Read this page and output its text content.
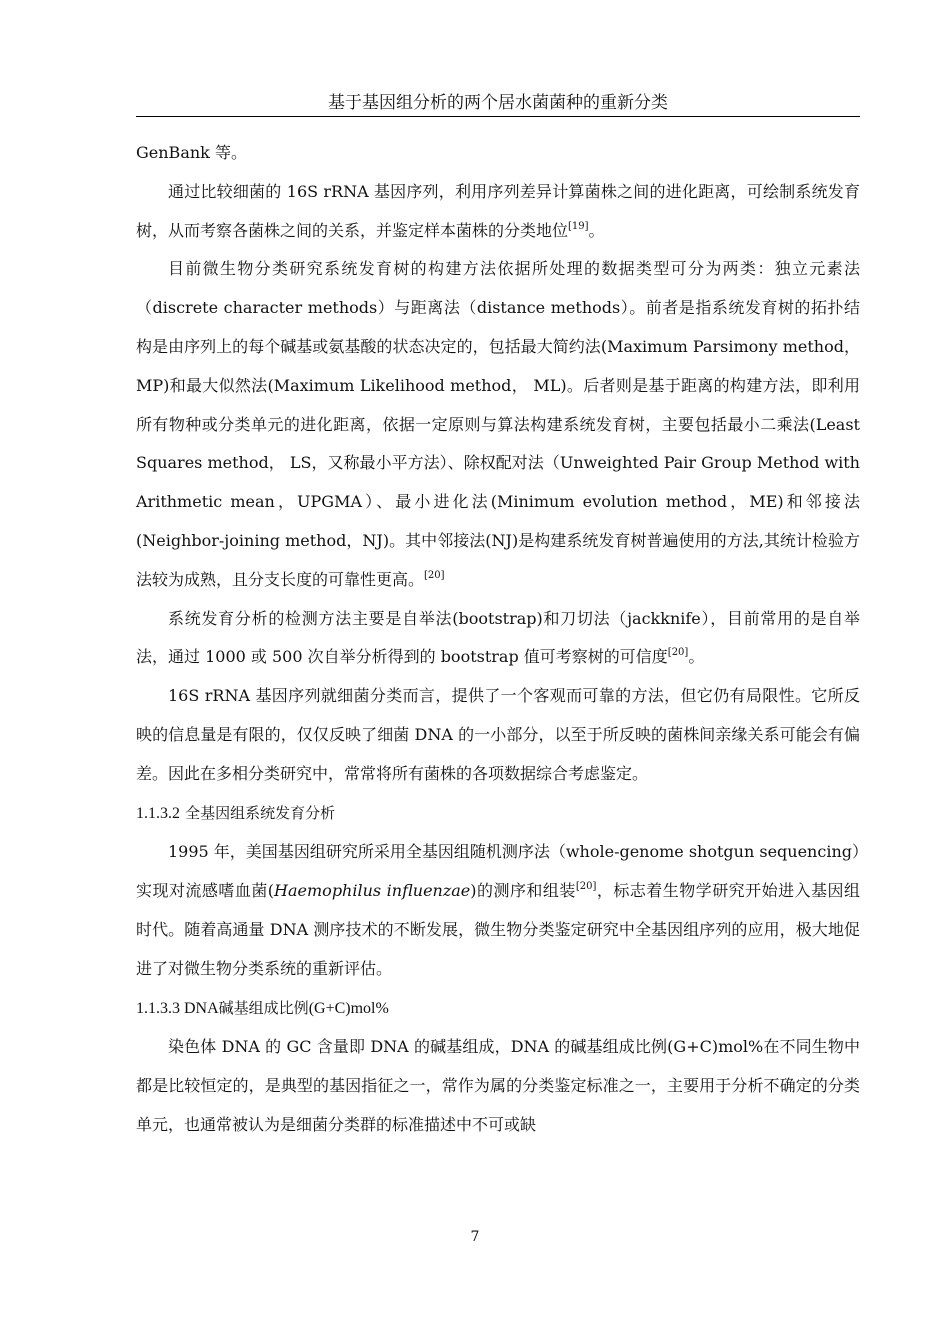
基于基因组分析的两个居水菌菌种的重新分类

GenBank 等。

通过比较细菌的 16S rRNA 基因序列，利用序列差异计算菌株之间的进化距离，可绘制系统发育树，从而考察各菌株之间的关系，并鉴定样本菌株的分类地位[19]。

目前微生物分类研究系统发育树的构建方法依据所处理的数据类型可分为两类：独立元素法（discrete character methods）与距离法（distance methods）。前者是指系统发育树的拓扑结构是由序列上的每个碱基或氨基酸的状态决定的，包括最大简约法(Maximum Parsimony method，MP)和最大似然法(Maximum Likelihood method， ML)。后者则是基于距离的构建方法，即利用所有物种或分类单元的进化距离，依据一定原则与算法构建系统发育树，主要包括最小二乘法(Least Squares method， LS，又称最小平方法）、除权配对法（Unweighted Pair Group Method with Arithmetic mean，UPGMA）、最小进化法(Minimum evolution method，ME)和邻接法(Neighbor-joining method，NJ)。其中邻接法(NJ)是构建系统发育树普遍使用的方法,其统计检验方法较为成熟，且分支长度的可靠性更高。[20]

系统发育分析的检测方法主要是自举法(bootstrap)和刀切法（jackknife），目前常用的是自举法，通过 1000 或 500 次自举分析得到的 bootstrap 值可考察树的可信度[20]。

16S rRNA 基因序列就细菌分类而言，提供了一个客观而可靠的方法，但它仍有局限性。它所反映的信息量是有限的，仅仅反映了细菌 DNA 的一小部分，以至于所反映的菌株间亲缘关系可能会有偏差。因此在多相分类研究中，常常将所有菌株的各项数据综合考虑鉴定。

1.1.3.2 全基因组系统发育分析

1995 年，美国基因组研究所采用全基因组随机测序法（whole-genome shotgun sequencing）实现对流感嗜血菌(Haemophilus influenzae)的测序和组装[20]，标志着生物学研究开始进入基因组时代。随着高通量 DNA 测序技术的不断发展，微生物分类鉴定研究中全基因组序列的应用，极大地促进了对微生物分类系统的重新评估。

1.1.3.3 DNA碱基组成比例(G+C)mol%

染色体 DNA 的 GC 含量即 DNA 的碱基组成，DNA 的碱基组成比例(G+C)mol%在不同生物中都是比较恒定的，是典型的基因指征之一，常作为属的分类鉴定标准之一，主要用于分析不确定的分类单元，也通常被认为是细菌分类群的标准描述中不可或缺

7
